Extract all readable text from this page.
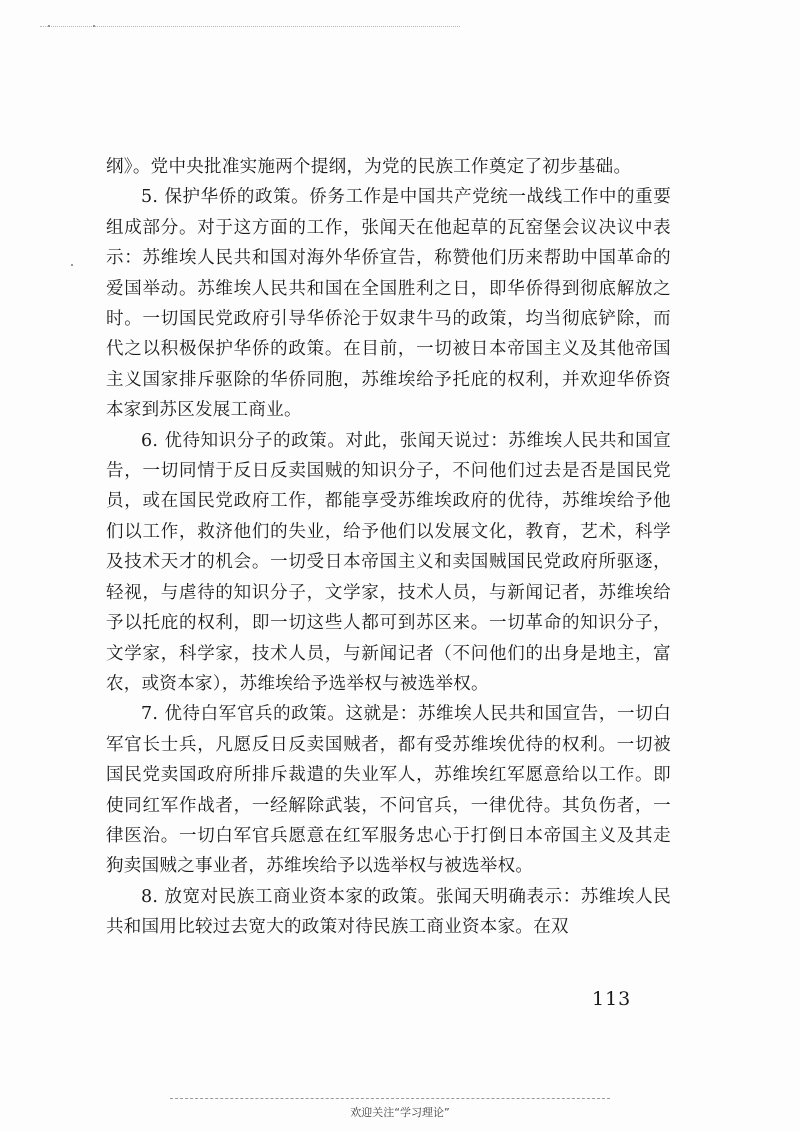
纲》。党中央批准实施两个提纲，为党的民族工作奠定了初步基础。

5. 保护华侨的政策。侨务工作是中国共产党统一战线工作中的重要组成部分。对于这方面的工作，张闻天在他起草的瓦窑堡会议决议中表示：苏维埃人民共和国对海外华侨宣告，称赞他们历来帮助中国革命的爱国举动。苏维埃人民共和国在全国胜利之日，即华侨得到彻底解放之时。一切国民党政府引导华侨沦于奴隶牛马的政策，均当彻底铲除，而代之以积极保护华侨的政策。在目前，一切被日本帝国主义及其他帝国主义国家排斥驱除的华侨同胞，苏维埃给予托庇的权利，并欢迎华侨资本家到苏区发展工商业。

6. 优待知识分子的政策。对此，张闻天说过：苏维埃人民共和国宣告，一切同情于反日反卖国贼的知识分子，不问他们过去是否是国民党员，或在国民党政府工作，都能享受苏维埃政府的优待，苏维埃给予他们以工作，救济他们的失业，给予他们以发展文化，教育，艺术，科学及技术天才的机会。一切受日本帝国主义和卖国贼国民党政府所驱逐，轻视，与虐待的知识分子，文学家，技术人员，与新闻记者，苏维埃给予以托庇的权利，即一切这些人都可到苏区来。一切革命的知识分子，文学家，科学家，技术人员，与新闻记者（不问他们的出身是地主，富农，或资本家），苏维埃给予选举权与被选举权。

7. 优待白军官兵的政策。这就是：苏维埃人民共和国宣告，一切白军官长士兵，凡愿反日反卖国贼者，都有受苏维埃优待的权利。一切被国民党卖国政府所排斥裁遣的失业军人，苏维埃红军愿意给以工作。即使同红军作战者，一经解除武装，不问官兵，一律优待。其负伤者，一律医治。一切白军官兵愿意在红军服务忠心于打倒日本帝国主义及其走狗卖国贼之事业者，苏维埃给予以选举权与被选举权。

8. 放宽对民族工商业资本家的政策。张闻天明确表示：苏维埃人民共和国用比较过去宽大的政策对待民族工商业资本家。在双

113
欢迎关注“学习理论”
